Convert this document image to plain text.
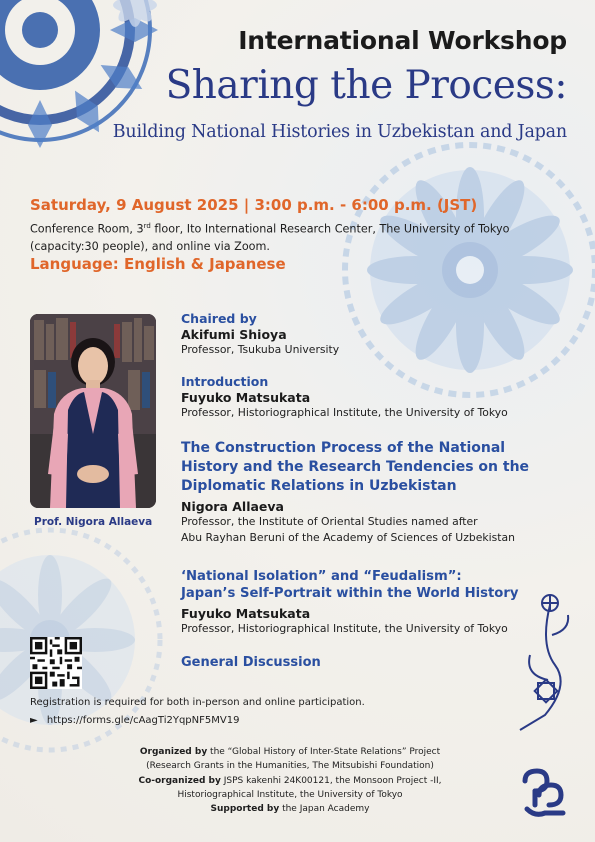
International Workshop
Sharing the Process:
Building National Histories in Uzbekistan and Japan
Saturday, 9 August 2025 | 3:00 p.m. - 6:00 p.m. (JST)
Conference Room, 3rd floor, Ito International Research Center, The University of Tokyo
(capacity:30 people), and online via Zoom.
Language: English & Japanese
Prof. Nigora Allaeva
Chaired by
Akifumi Shioya
Professor, Tsukuba University
Introduction
Fuyuko Matsukata
Professor, Historiographical Institute, the University of Tokyo
The Construction Process of the National
History and the Research Tendencies on the
Diplomatic Relations in Uzbekistan
Nigora Allaeva
Professor, the Institute of Oriental Studies named after
Abu Rayhan Beruni of the Academy of Sciences of Uzbekistan
‘National Isolation” and “Feudalism”:
Japan’s Self-Portrait within the World History
Fuyuko Matsukata
Professor, Historiographical Institute, the University of Tokyo
General Discussion
Registration is required for both in-person and online participation.
► https://forms.gle/cAagTi2YqpNF5MV19
Organized by the “Global History of Inter-State Relations” Project
(Research Grants in the Humanities, The Mitsubishi Foundation)
Co-organized by JSPS kakenhi 24K00121, the Monsoon Project -II,
Historiographical Institute, the University of Tokyo
Supported by the Japan Academy
